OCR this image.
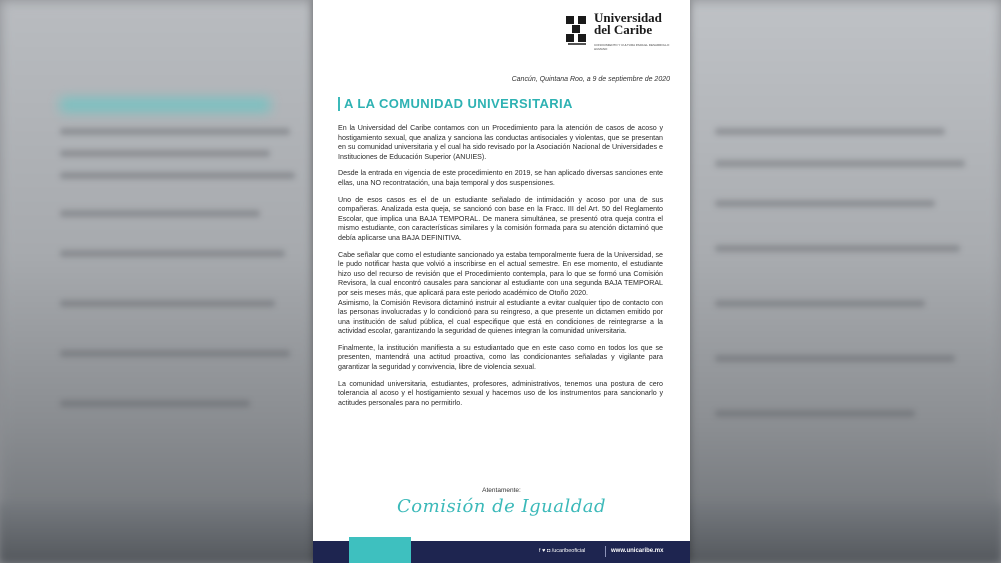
Universidad
del Caribe
CONOCIMIENTO Y CULTURA PARA EL DESARROLLO HUMANO
Cancún, Quintana Roo, a 9 de septiembre de 2020
A LA COMUNIDAD UNIVERSITARIA

En la Universidad del Caribe contamos con un Procedimiento para la atención de casos de acoso y hostigamiento sexual, que analiza y sanciona las conductas antisociales y violentas, que se presentan en su comunidad universitaria y el cual ha sido revisado por la Asociación Nacional de Universidades e Instituciones de Educación Superior (ANUIES).

Desde la entrada en vigencia de este procedimiento en 2019, se han aplicado diversas sanciones ente ellas, una NO recontratación, una baja temporal y dos suspensiones.

Uno de esos casos es el de un estudiante señalado de intimidación y acoso por una de sus compañeras. Analizada esta queja, se sancionó con base en la Fracc. III del Art. 50 del Reglamento Escolar, que implica una BAJA TEMPORAL. De manera simultánea, se presentó otra queja contra el mismo estudiante, con características similares y la comisión formada para su atención dictaminó que debía aplicarse una BAJA DEFINITIVA.

Cabe señalar que como el estudiante sancionado ya estaba temporalmente fuera de la Universidad, se le pudo notificar hasta que volvió a inscribirse en el actual semestre. En ese momento, el estudiante hizo uso del recurso de revisión que el Procedimiento contempla, para lo que se formó una Comisión Revisora, la cual encontró causales para sancionar al estudiante con una segunda BAJA TEMPORAL por seis meses más, que aplicará para este periodo académico de Otoño 2020.

Asimismo, la Comisión Revisora dictaminó instruir al estudiante a evitar cualquier tipo de contacto con las personas involucradas y lo condicionó para su reingreso, a que presente un dictamen emitido por una institución de salud pública, el cual especifique que está en condiciones de reintegrarse a la actividad escolar, garantizando la seguridad de quienes integran la comunidad universitaria.

Finalmente, la institución manifiesta a su estudiantado que en este caso como en todos los que se presenten, mantendrá una actitud proactiva, como las condicionantes señaladas y vigilante para garantizar la seguridad y convivencia, libre de violencia sexual.

La comunidad universitaria, estudiantes, profesores, administrativos, tenemos una postura de cero tolerancia al acoso y el hostigamiento sexual y hacemos uso de los instrumentos para sancionarlo y actitudes personales para no permitirlo.

Atentamente:
Comisión de Igualdad
f ♥ ◘ /ucaribeoficial	www.unicaribe.mx
